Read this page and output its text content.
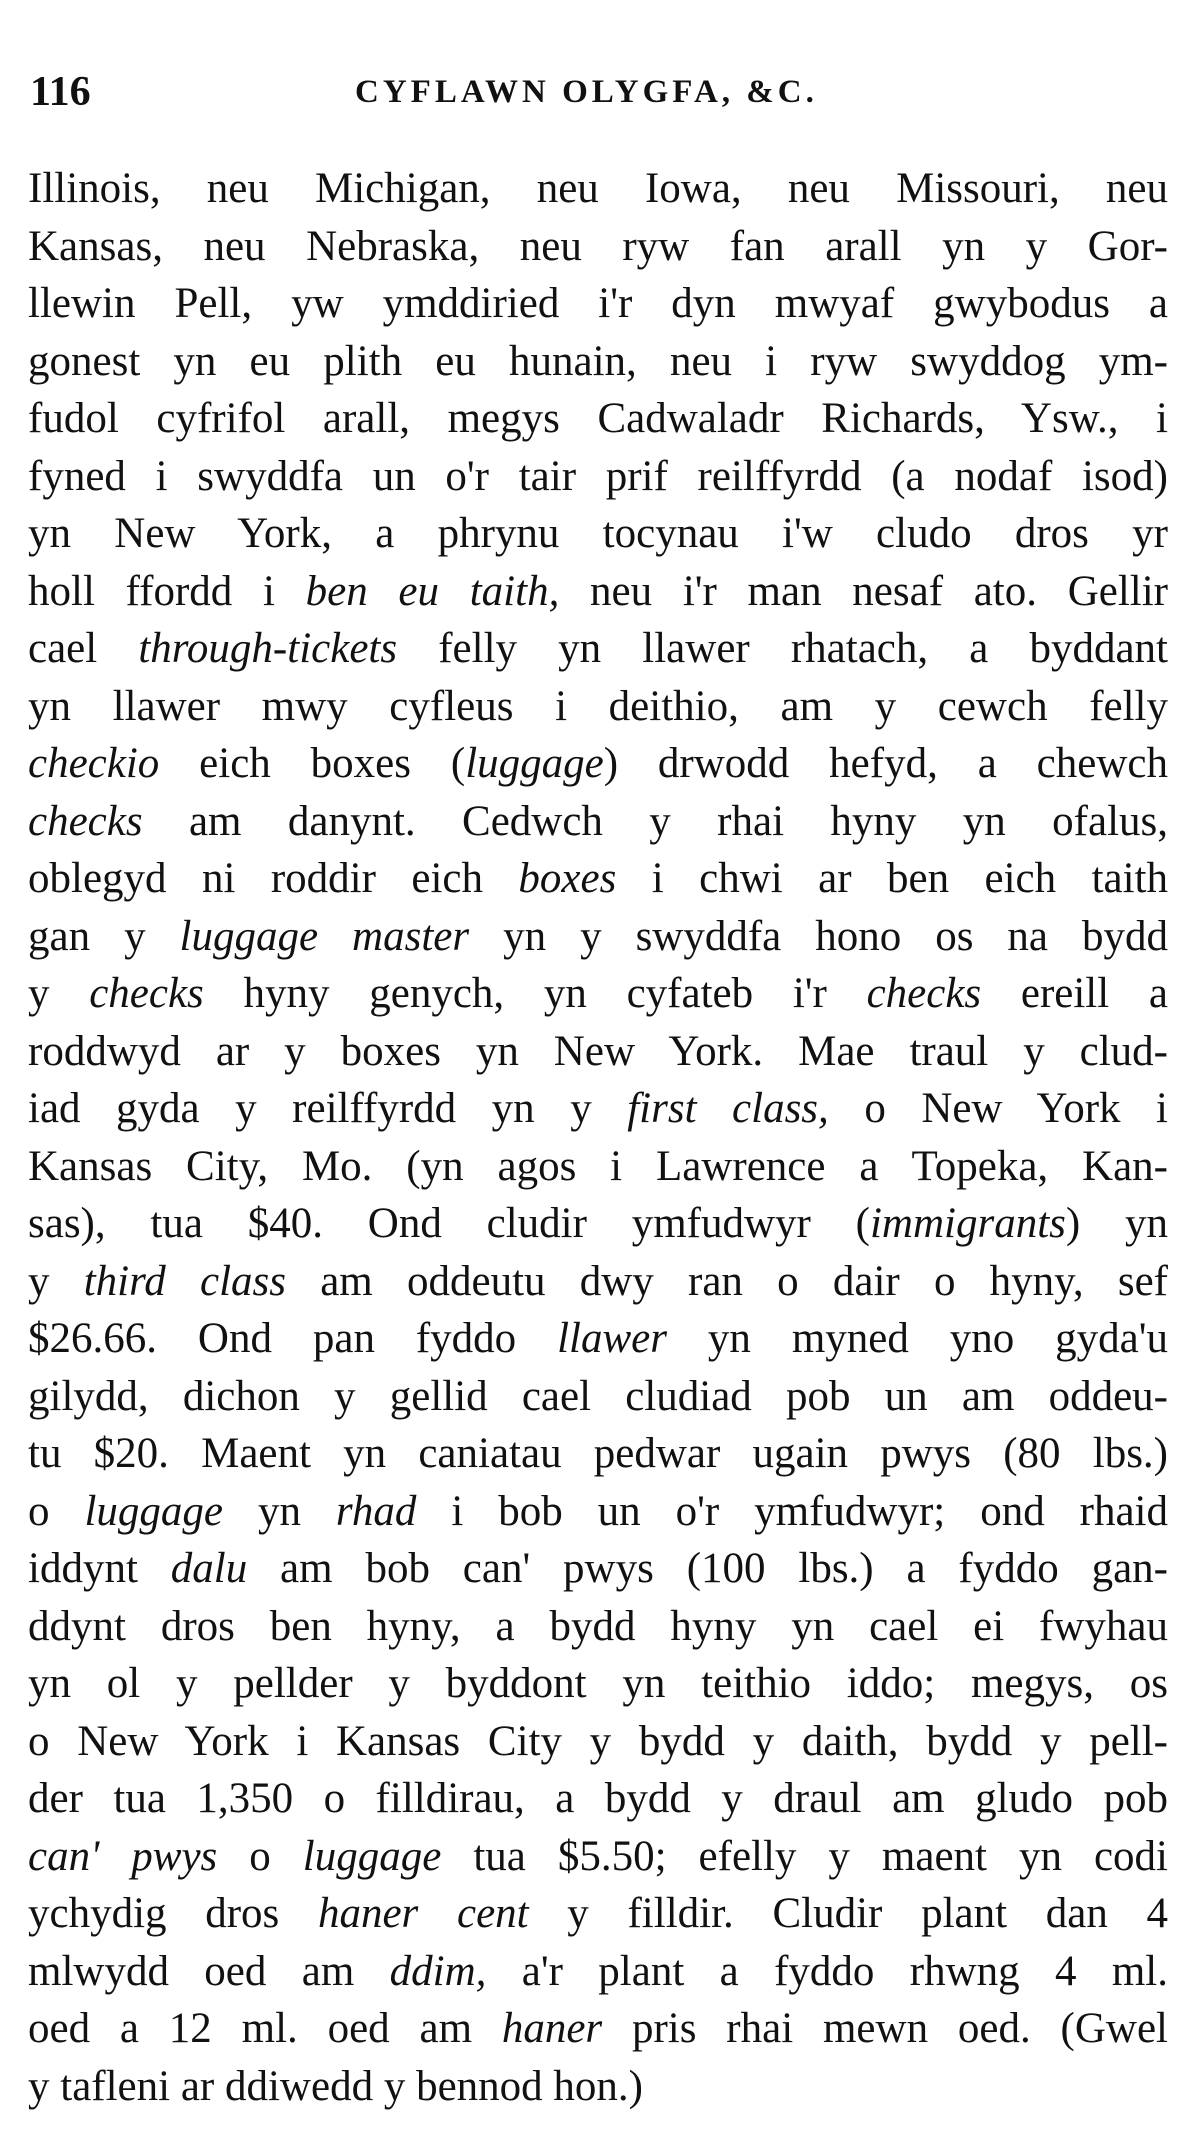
116	CYFLAWN OLYGFA, &C.
Illinois, neu Michigan, neu Iowa, neu Missouri, neu
Kansas, neu Nebraska, neu ryw fan arall yn y Gor-
llewin Pell, yw ymddiried i'r dyn mwyaf gwybodus a
gonest yn eu plith eu hunain, neu i ryw swyddog ym-
fudol cyfrifol arall, megys Cadwaladr Richards, Ysw., i
fyned i swyddfa un o'r tair prif reilffyrdd (a nodaf isod)
yn New York, a phrynu tocynau i'w cludo dros yr
holl ffordd i ben eu taith, neu i'r man nesaf ato. Gellir
cael through-tickets felly yn llawer rhatach, a byddant
yn llawer mwy cyfleus i deithio, am y cewch felly
checkio eich boxes (luggage) drwodd hefyd, a chewch
checks am danynt. Cedwch y rhai hyny yn ofalus,
oblegyd ni roddir eich boxes i chwi ar ben eich taith
gan y luggage master yn y swyddfa hono os na bydd
y checks hyny genych, yn cyfateb i'r checks ereill a
roddwyd ar y boxes yn New York. Mae traul y clud-
iad gyda y reilffyrdd yn y first class, o New York i
Kansas City, Mo. (yn agos i Lawrence a Topeka, Kan-
sas), tua $40. Ond cludir ymfudwyr (immigrants) yn
y third class am oddeutu dwy ran o dair o hyny, sef
$26.66. Ond pan fyddo llawer yn myned yno gyda'u
gilydd, dichon y gellid cael cludiad pob un am oddeu-
tu $20. Maent yn caniatau pedwar ugain pwys (80 lbs.)
o luggage yn rhad i bob un o'r ymfudwyr; ond rhaid
iddynt dalu am bob can' pwys (100 lbs.) a fyddo gan-
ddynt dros ben hyny, a bydd hyny yn cael ei fwyhau
yn ol y pellder y byddont yn teithio iddo; megys, os
o New York i Kansas City y bydd y daith, bydd y pell-
der tua 1,350 o filldirau, a bydd y draul am gludo pob
can' pwys o luggage tua $5.50; efelly y maent yn codi
ychydig dros haner cent y filldir. Cludir plant dan 4
mlwydd oed am ddim, a'r plant a fyddo rhwng 4 ml.
oed a 12 ml. oed am haner pris rhai mewn oed. (Gwel
y tafleni ar ddiwedd y bennod hon.)
